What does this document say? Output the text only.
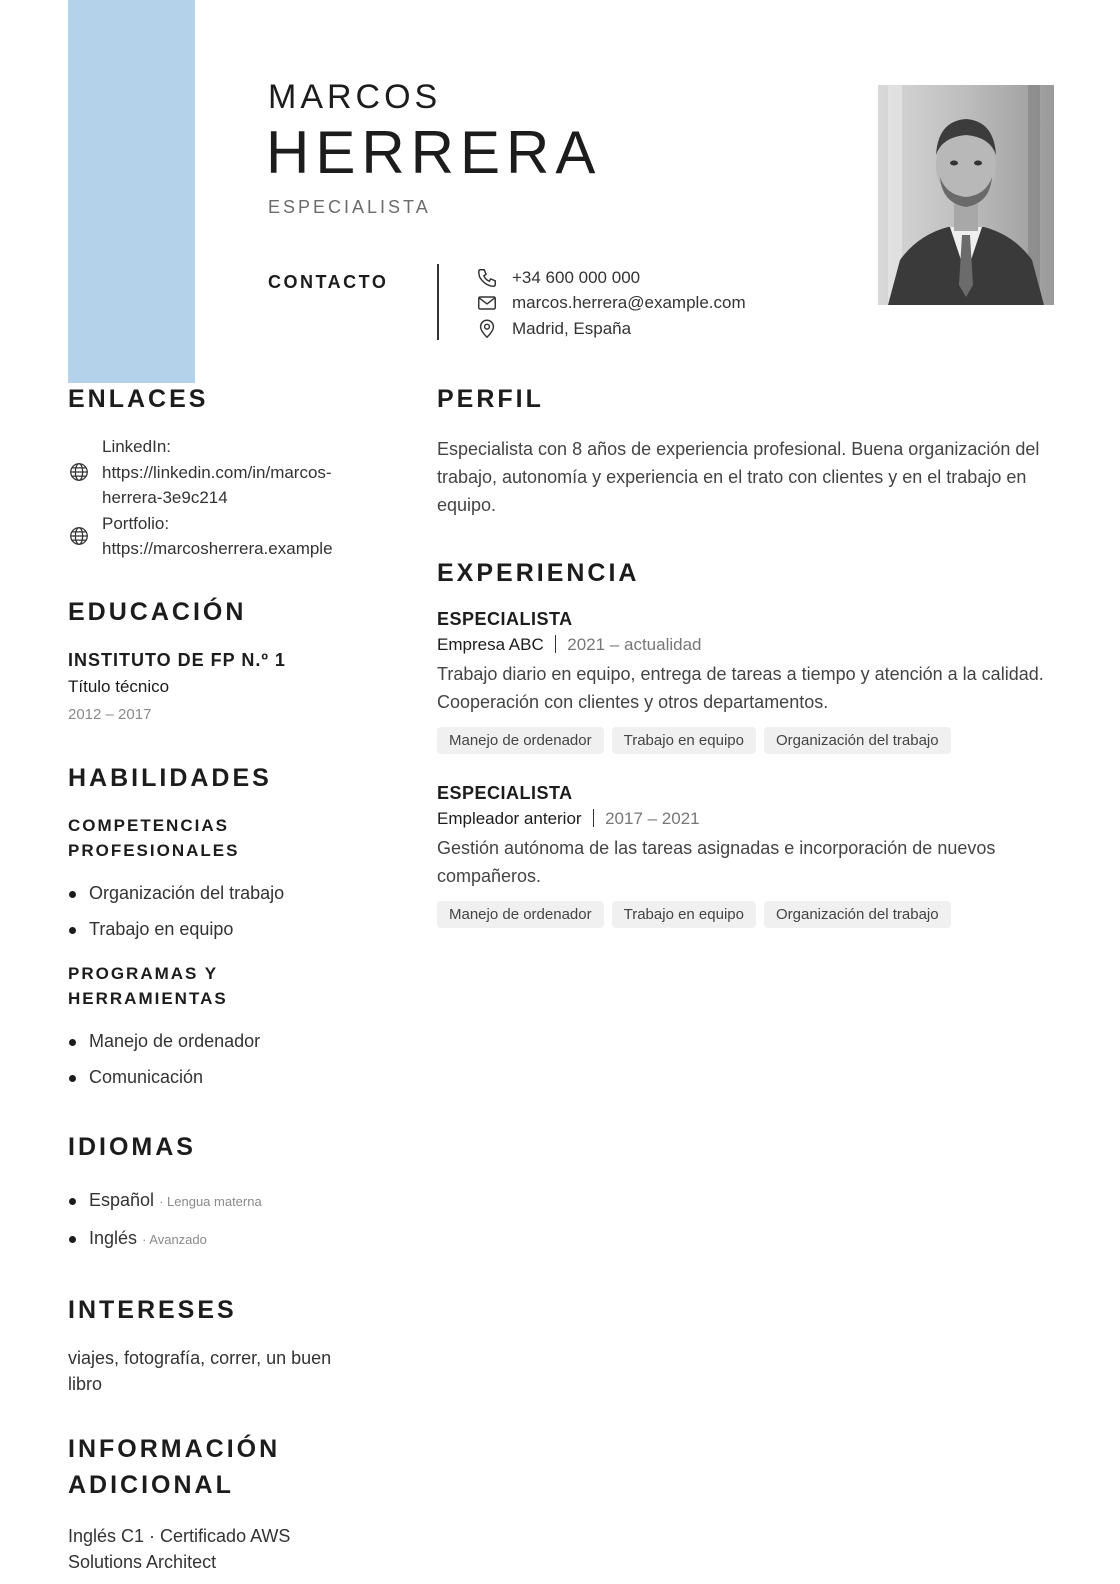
MARCOS
HERRERA
ESPECIALISTA
CONTACTO	+34 600 000 000
marcos.herrera@example.com
Madrid, España
ENLACES
LinkedIn: https://linkedin.com/in/marcos-herrera-3e9c214
Portfolio: https://marcosherrera.example
EDUCACIÓN
INSTITUTO DE FP N.º 1
Título técnico
2012 – 2017
HABILIDADES
COMPETENCIAS PROFESIONALES
Organización del trabajo
Trabajo en equipo
PROGRAMAS Y HERRAMIENTAS
Manejo de ordenador
Comunicación
IDIOMAS
Español · Lengua materna
Inglés · Avanzado
INTERESES
viajes, fotografía, correr, un buen libro
INFORMACIÓN ADICIONAL
Inglés C1 · Certificado AWS Solutions Architect
PERFIL
Especialista con 8 años de experiencia profesional. Buena organización del trabajo, autonomía y experiencia en el trato con clientes y en el trabajo en equipo.
EXPERIENCIA
ESPECIALISTA
Empresa ABC 2021 – actualidad
Trabajo diario en equipo, entrega de tareas a tiempo y atención a la calidad. Cooperación con clientes y otros departamentos.
Manejo de ordenador	Trabajo en equipo	Organización del trabajo
ESPECIALISTA
Empleador anterior 2017 – 2021
Gestión autónoma de las tareas asignadas e incorporación de nuevos compañeros.
Manejo de ordenador	Trabajo en equipo	Organización del trabajo
